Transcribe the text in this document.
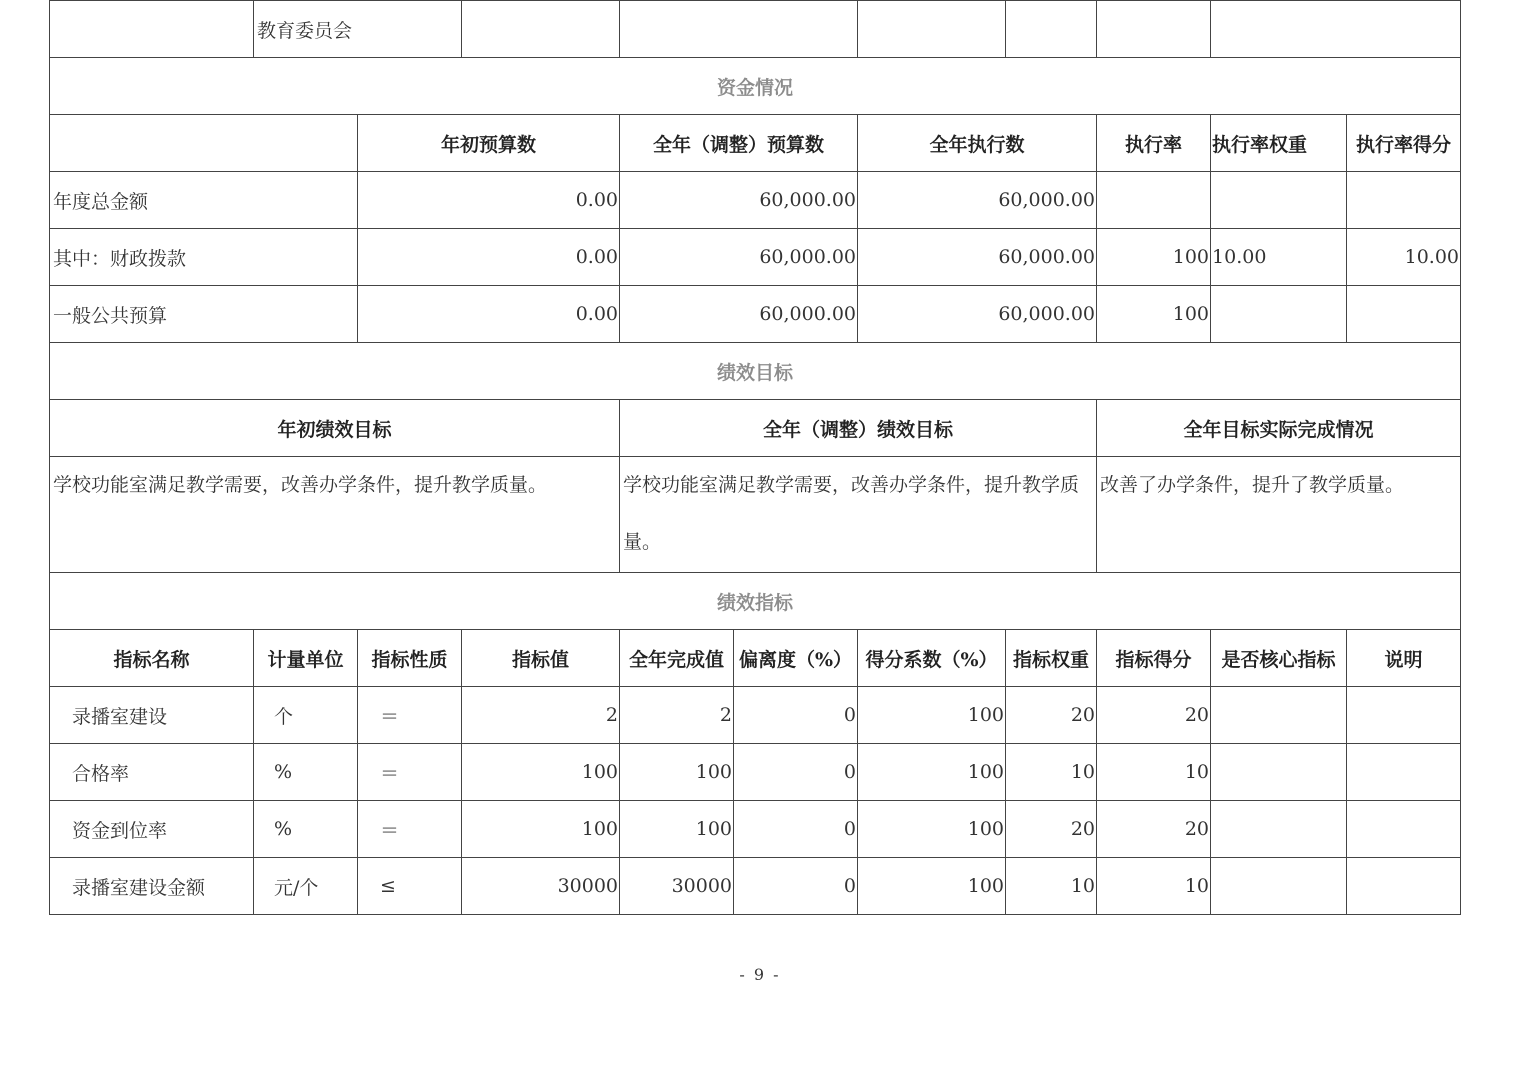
	教育委员会									
资金情况										
		年初预算数		全年（调整）预算数		全年执行数		执行率	执行率权重	执行率得分
年度总金额		0.00		60,000.00		60,000.00				
其中：财政拨款		0.00		60,000.00		60,000.00		100	10.00	10.00
一般公共预算		0.00		60,000.00		60,000.00		100		
绩效目标										
年初绩效目标				全年（调整）绩效目标				全年目标实际完成情况		
学校功能室满足教学需要，改善办学条件，提升教学质量。				学校功能室满足教学需要，改善办学条件，提升教学质量。				改善了办学条件，提升了教学质量。		
绩效指标										
指标名称	计量单位	指标性质	指标值	全年完成值	偏离度（%）	得分系数（%）	指标权重	指标得分	是否核心指标	说明
录播室建设	个	＝	2	2	0	100	20	20		
合格率	%	＝	100	100	0	100	10	10		
资金到位率	%	＝	100	100	0	100	20	20		
录播室建设金额	元/个	≤	30000	30000	0	100	10	10		
- 9 -
